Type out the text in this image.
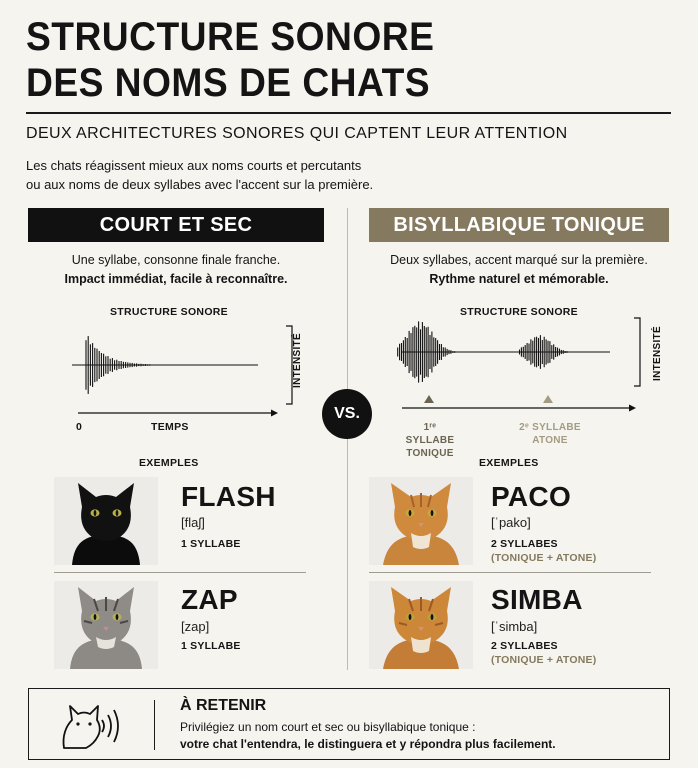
STRUCTURE SONORE
DES NOMS DE CHATS
DEUX ARCHITECTURES SONORES QUI CAPTENT LEUR ATTENTION
Les chats réagissent mieux aux noms courts et percutants
ou aux noms de deux syllabes avec l'accent sur la première.
COURT ET SEC
Une syllabe, consonne finale franche.
Impact immédiat, facile à reconnaître.
STRUCTURE SONORE
INTENSITÉ
0	TEMPS
EXEMPLES
FLASH
[flaʃ]
1 SYLLABE
ZAP
[zap]
1 SYLLABE
VS.
BISYLLABIQUE TONIQUE
Deux syllabes, accent marqué sur la première.
Rythme naturel et mémorable.
STRUCTURE SONORE
INTENSITÉ
1ʳᵉ SYLLABE
TONIQUE
2ᵉ SYLLABE
ATONE
EXEMPLES
PACO
[ˈpako]
2 SYLLABES
(TONIQUE + ATONE)
SIMBA
[ˈsimba]
2 SYLLABES
(TONIQUE + ATONE)
À RETENIR
Privilégiez un nom court et sec ou bisyllabique tonique :
votre chat l'entendra, le distinguera et y répondra plus facilement.
